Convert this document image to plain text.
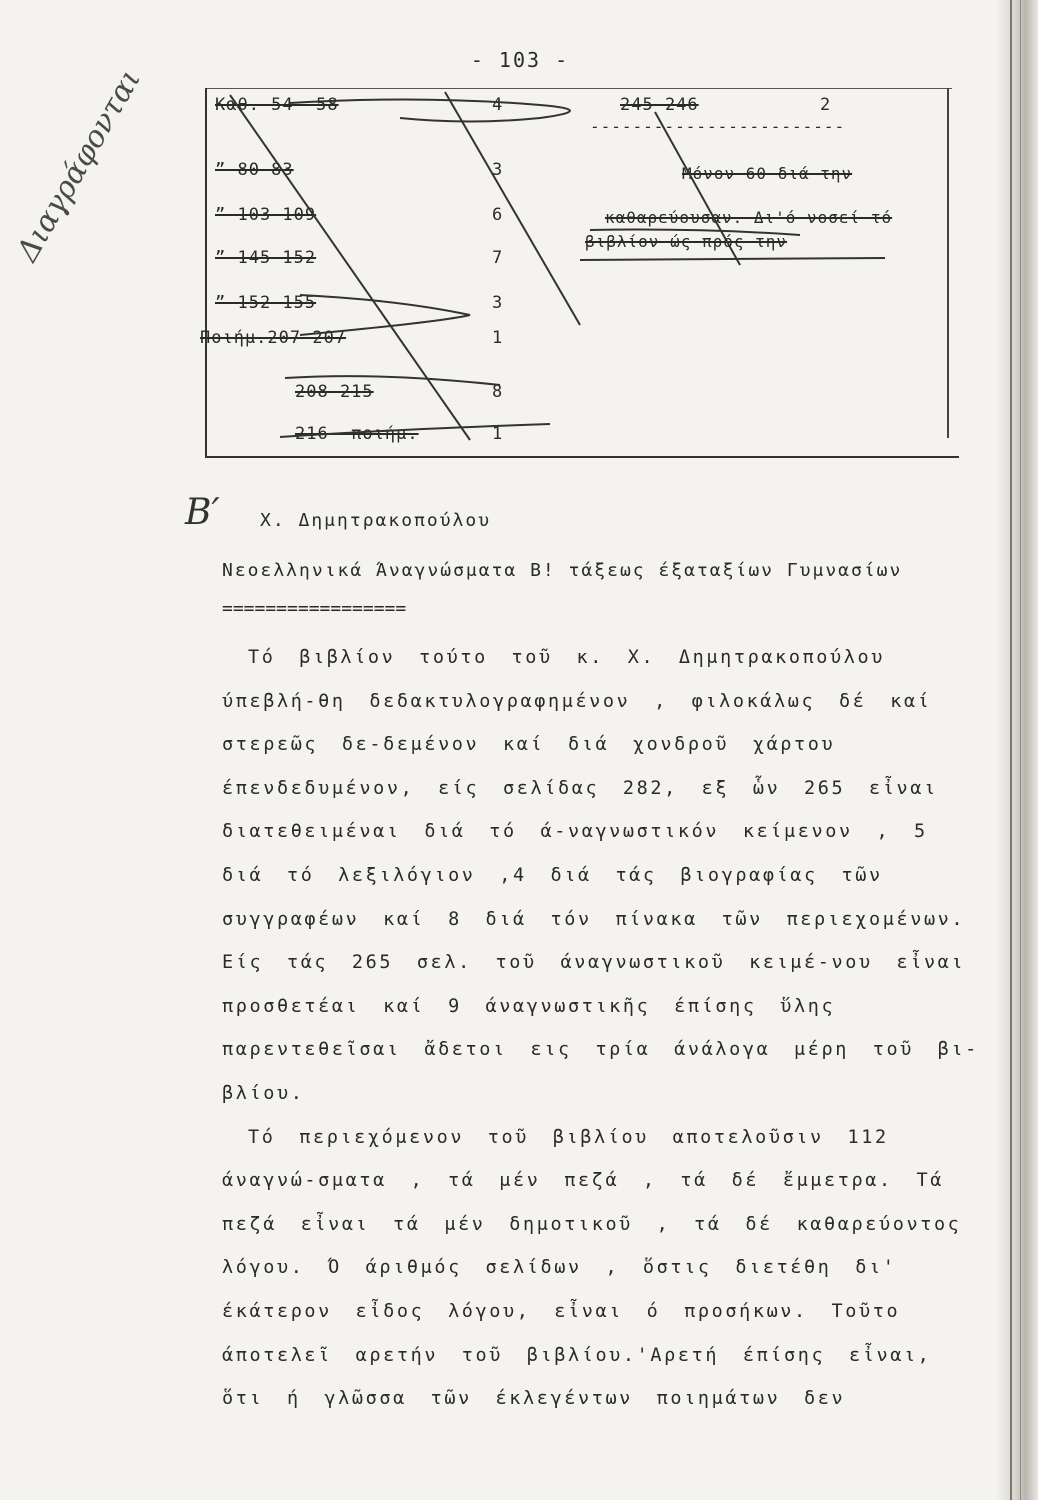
- 103 -
Καθ. 54- 58	4
” 80-83	3
” 103-109	6
” 145-152	7
” 152-155	3
Ποιήμ.207-207	1
208-215	8
216- ποιήμ.	1
245-246	2
------------------------
Μόνον 60 διά την
καθαρεύουσαν. Δι'ό νοσεί τό
βιβλίον ώς πρός την
Διαγράφονται
Β′ Χ. Δημητρακοπούλου
Νεοελληνικά Άναγνώσματα Β! τάξεως έξαταξίων Γυμνασίων
=================

Τό βιβλίον τούτο τοῦ κ. Χ. Δημητρακοπούλου ύπεβλή-θη δεδακτυλογραφημένον , φιλοκάλως δέ καί στερεῶς δε-δεμένον καί διά χονδροῦ χάρτου έπενδεδυμένον, είς σελίδας 282, εξ ὧν 265 εἶναι διατεθειμέναι διά τό ά-ναγνωστικόν κείμενον , 5 διά τό λεξιλόγιον ,4 διά τάς βιογραφίας τῶν συγγραφέων καί 8 διά τόν πίνακα τῶν περιεχομένων. Είς τάς 265 σελ. τοῦ άναγνωστικοῦ κειμέ-νου εἶναι προσθετέαι καί 9 άναγνωστικῆς έπίσης ὕλης παρεντεθεῖσαι ἄδετοι εις τρία άνάλογα μέρη τοῦ βι-βλίου.

Τό περιεχόμενον τοῦ βιβλίου αποτελοῦσιν 112 άναγνώ-σματα , τά μέν πεζά , τά δέ ἔμμετρα. Τά πεζά εἶναι τά μέν δημοτικοῦ , τά δέ καθαρεύοντος λόγου. Ό άριθμός σελίδων , ὅστις διετέθη δι' έκάτερον εἶδος λόγου, εἶναι ό προσήκων. Τοῦτο άποτελεῖ αρετήν τοῦ βιβλίου.'Αρετή έπίσης εἶναι, ὅτι ή γλῶσσα τῶν έκλεγέντων ποιημάτων δεν
